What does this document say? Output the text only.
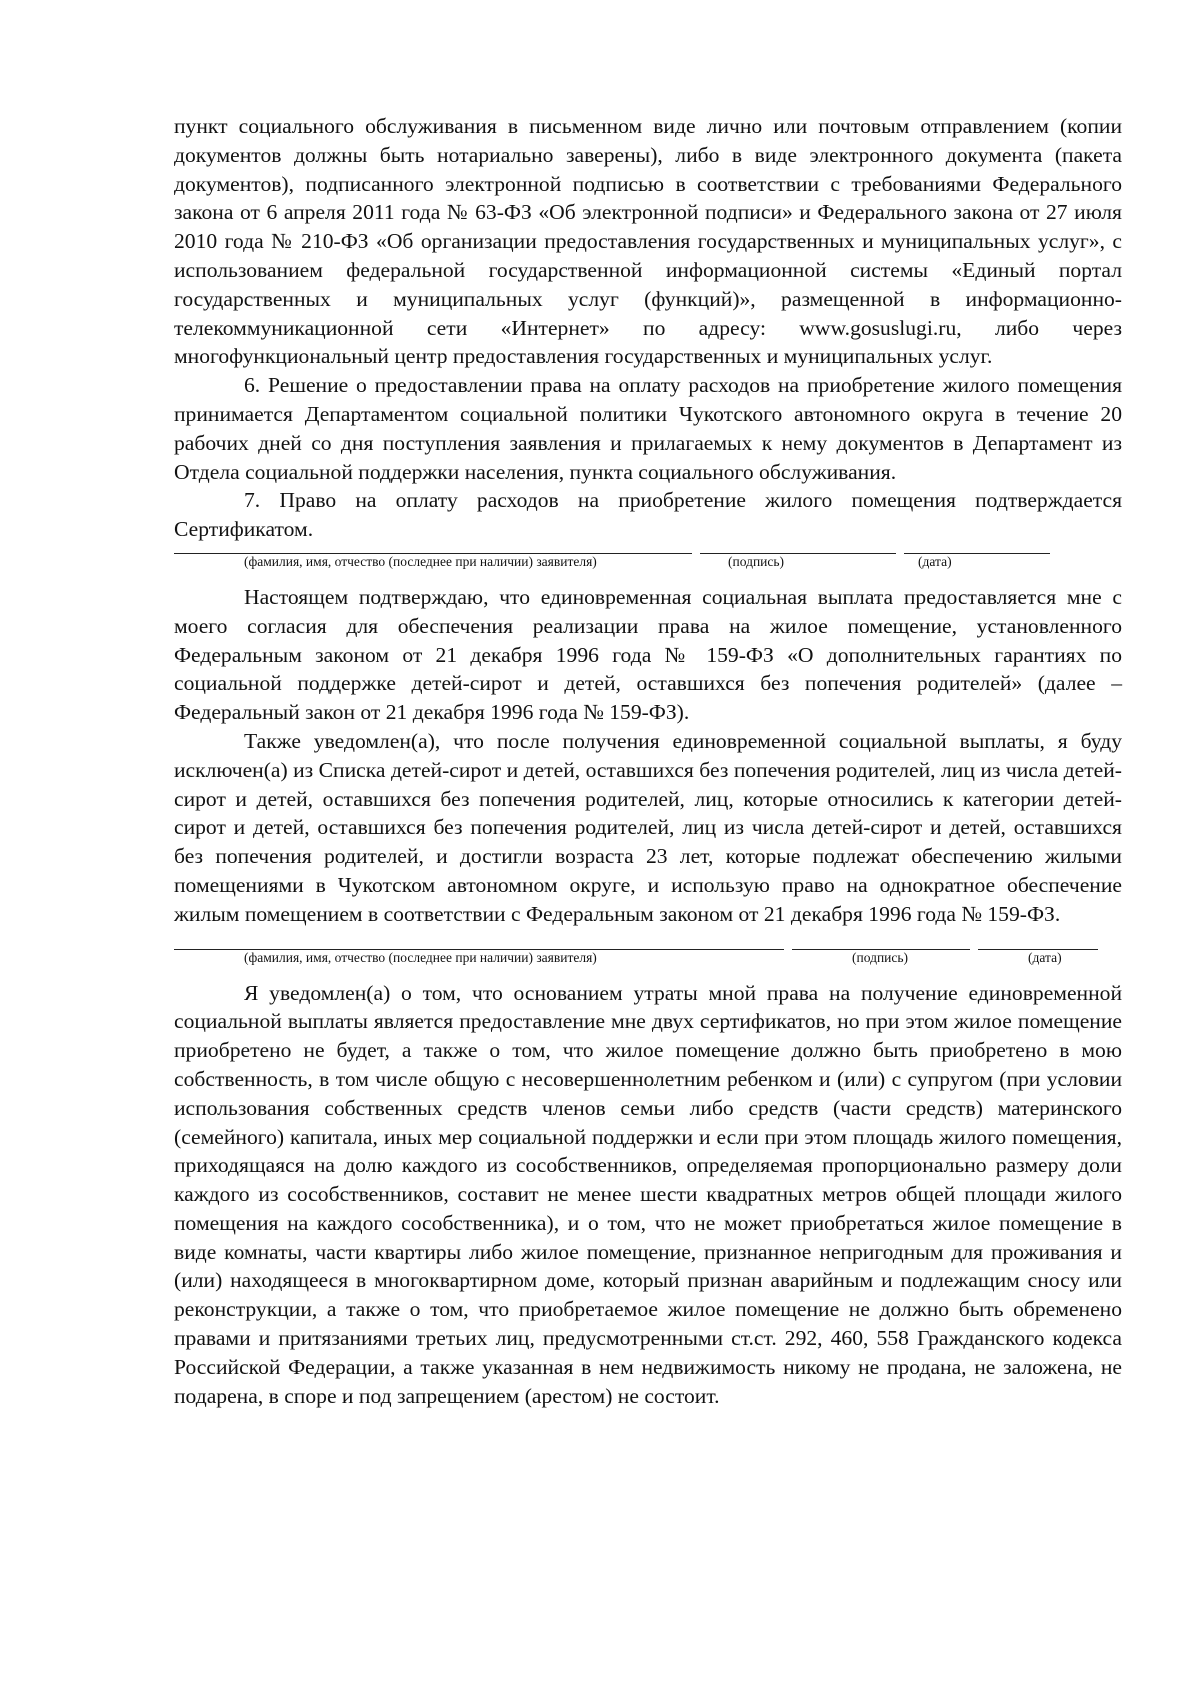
пункт социального обслуживания в письменном виде лично или почтовым отправлением (копии документов должны быть нотариально заверены), либо в виде электронного документа (пакета документов), подписанного электронной подписью в соответствии с требованиями Федерального закона от 6 апреля 2011 года № 63-ФЗ «Об электронной подписи» и Федерального закона от 27 июля 2010 года № 210-ФЗ «Об организации предоставления государственных и муниципальных услуг», с использованием федеральной государственной информационной системы «Единый портал государственных и муниципальных услуг (функций)», размещенной в информационно-телекоммуникационной сети «Интернет» по адресу: www.gosuslugi.ru, либо через многофункциональный центр предоставления государственных и муниципальных услуг.

6. Решение о предоставлении права на оплату расходов на приобретение жилого помещения принимается Департаментом социальной политики Чукотского автономного округа в течение 20 рабочих дней со дня поступления заявления и прилагаемых к нему документов в Департамент из Отдела социальной поддержки населения, пункта социального обслуживания.

7. Право на оплату расходов на приобретение жилого помещения подтверждается Сертификатом.

(фамилия, имя, отчество (последнее при наличии) заявителя)	(подпись)	(дата)

Настоящем подтверждаю, что единовременная социальная выплата предоставляется мне с моего согласия для обеспечения реализации права на жилое помещение, установленного Федеральным законом от 21 декабря 1996 года № 159-ФЗ «О дополнительных гарантиях по социальной поддержке детей-сирот и детей, оставшихся без попечения родителей» (далее – Федеральный закон от 21 декабря 1996 года № 159-ФЗ).

Также уведомлен(а), что после получения единовременной социальной выплаты, я буду исключен(а) из Списка детей-сирот и детей, оставшихся без попечения родителей, лиц из числа детей-сирот и детей, оставшихся без попечения родителей, лиц, которые относились к категории детей-сирот и детей, оставшихся без попечения родителей, лиц из числа детей-сирот и детей, оставшихся без попечения родителей, и достигли возраста 23 лет, которые подлежат обеспечению жилыми помещениями в Чукотском автономном округе, и использую право на однократное обеспечение жилым помещением в соответствии с Федеральным законом от 21 декабря 1996 года № 159-ФЗ.

(фамилия, имя, отчество (последнее при наличии) заявителя)	(подпись)	(дата)

Я уведомлен(а) о том, что основанием утраты мной права на получение единовременной социальной выплаты является предоставление мне двух сертификатов, но при этом жилое помещение приобретено не будет, а также о том, что жилое помещение должно быть приобретено в мою собственность, в том числе общую с несовершеннолетним ребенком и (или) с супругом (при условии использования собственных средств членов семьи либо средств (части средств) материнского (семейного) капитала, иных мер социальной поддержки и если при этом площадь жилого помещения, приходящаяся на долю каждого из сособственников, определяемая пропорционально размеру доли каждого из сособственников, составит не менее шести квадратных метров общей площади жилого помещения на каждого сособственника), и о том, что не может приобретаться жилое помещение в виде комнаты, части квартиры либо жилое помещение, признанное непригодным для проживания и (или) находящееся в многоквартирном доме, который признан аварийным и подлежащим сносу или реконструкции, а также о том, что приобретаемое жилое помещение не должно быть обременено правами и притязаниями третьих лиц, предусмотренными ст.ст. 292, 460, 558 Гражданского кодекса Российской Федерации, а также указанная в нем недвижимость никому не продана, не заложена, не подарена, в споре и под запрещением (арестом) не состоит.
